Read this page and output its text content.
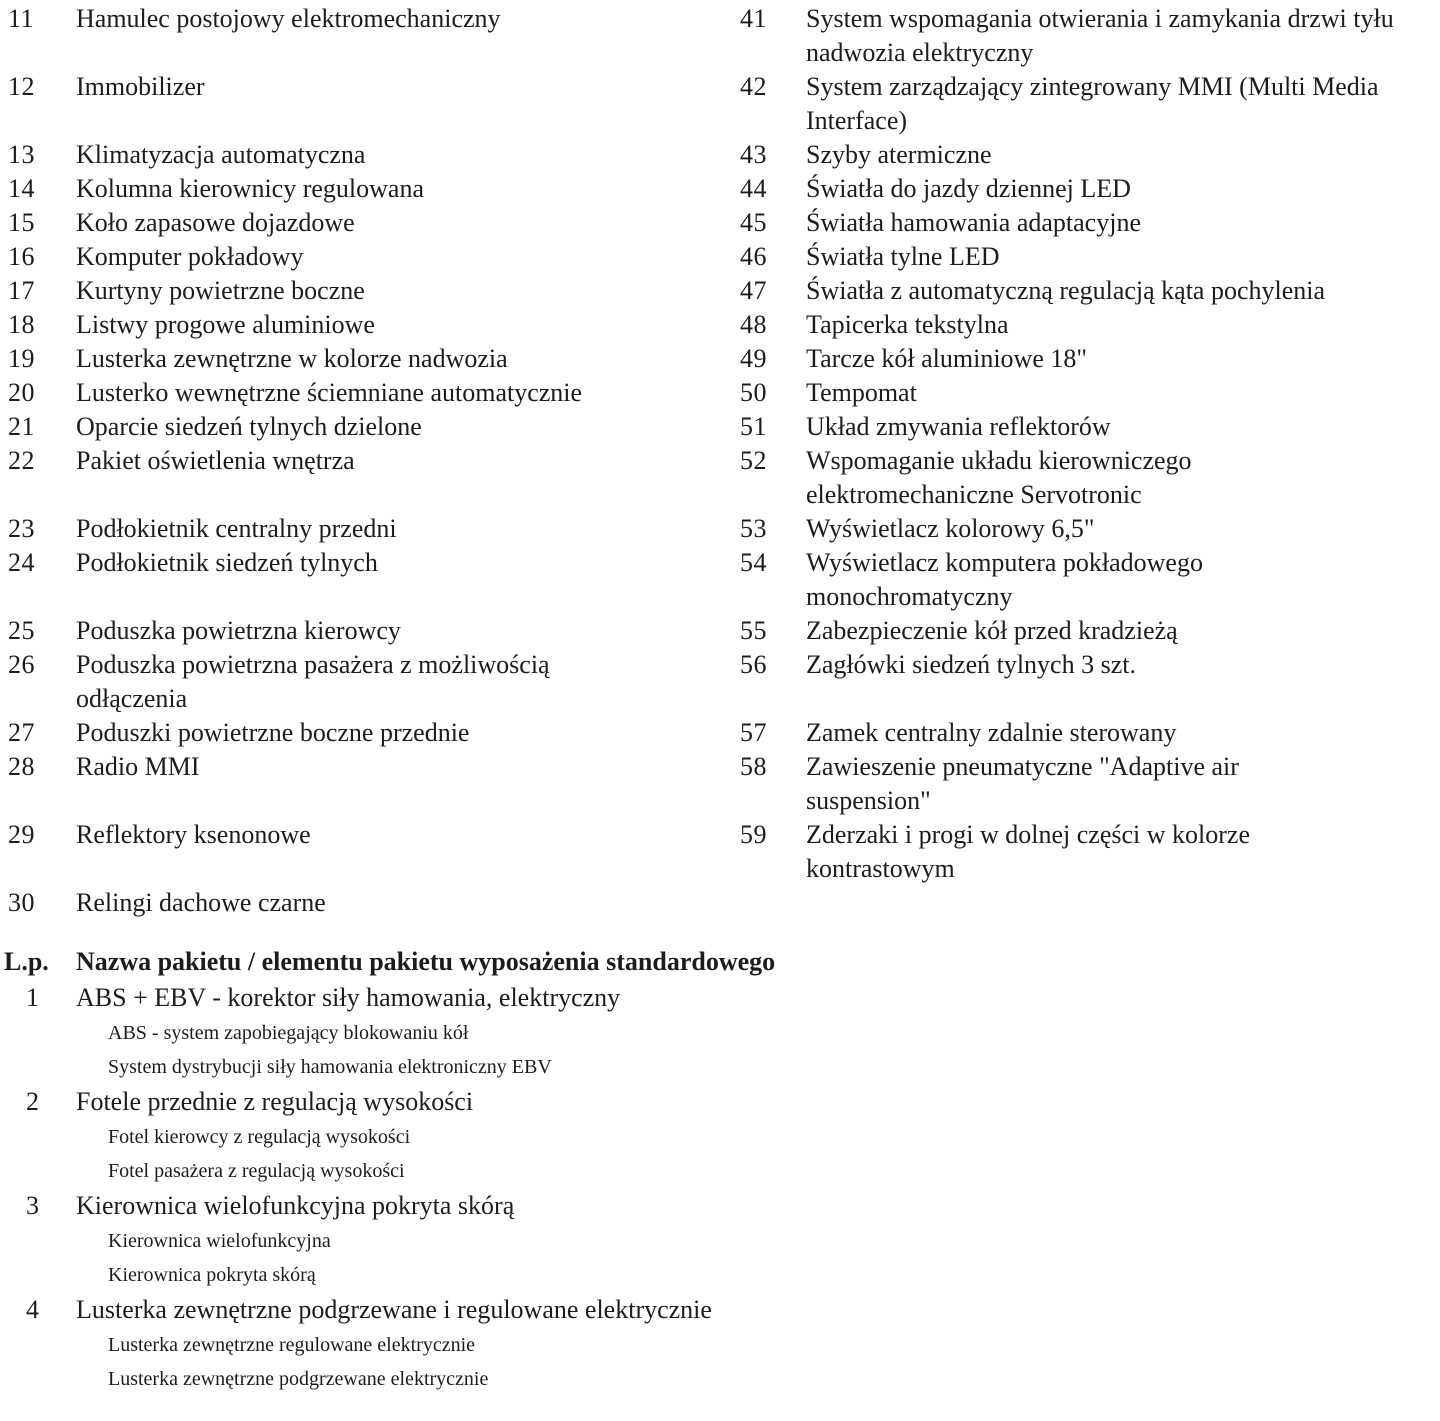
11	Hamulec postojowy elektromechaniczny
12	Immobilizer
13	Klimatyzacja automatyczna
14	Kolumna kierownicy regulowana
15	Koło zapasowe dojazdowe
16	Komputer pokładowy
17	Kurtyny powietrzne boczne
18	Listwy progowe aluminiowe
19	Lusterka zewnętrzne w kolorze nadwozia
20	Lusterko wewnętrzne ściemniane automatycznie
21	Oparcie siedzeń tylnych dzielone
22	Pakiet oświetlenia wnętrza
23	Podłokietnik centralny przedni
24	Podłokietnik siedzeń tylnych
25	Poduszka powietrzna kierowcy
26	Poduszka powietrzna pasażera z możliwością odłączenia
27	Poduszki powietrzne boczne przednie
28	Radio MMI
29	Reflektory ksenonowe
30	Relingi dachowe czarne
41	System wspomagania otwierania i zamykania drzwi tyłu nadwozia elektryczny
42	System zarządzający zintegrowany MMI (Multi Media Interface)
43	Szyby atermiczne
44	Światła do jazdy dziennej LED
45	Światła hamowania adaptacyjne
46	Światła tylne LED
47	Światła z automatyczną regulacją kąta pochylenia
48	Tapicerka tekstylna
49	Tarcze kół aluminiowe 18"
50	Tempomat
51	Układ zmywania reflektorów
52	Wspomaganie układu kierowniczego elektromechaniczne Servotronic
53	Wyświetlacz kolorowy 6,5"
54	Wyświetlacz komputera pokładowego monochromatyczny
55	Zabezpieczenie kół przed kradzieżą
56	Zagłówki siedzeń tylnych 3 szt.
57	Zamek centralny zdalnie sterowany
58	Zawieszenie pneumatyczne "Adaptive air suspension"
59	Zderzaki i progi w dolnej części w kolorze kontrastowym
L.p.	Nazwa pakietu / elementu pakietu wyposażenia standardowego
1	ABS + EBV - korektor siły hamowania, elektryczny
ABS - system zapobiegający blokowaniu kół
System dystrybucji siły hamowania elektroniczny EBV
2	Fotele przednie z regulacją wysokości
Fotel kierowcy z regulacją wysokości
Fotel pasażera z regulacją wysokości
3	Kierownica wielofunkcyjna pokryta skórą
Kierownica wielofunkcyjna
Kierownica pokryta skórą
4	Lusterka zewnętrzne podgrzewane i regulowane elektrycznie
Lusterka zewnętrzne regulowane elektrycznie
Lusterka zewnętrzne podgrzewane elektrycznie
